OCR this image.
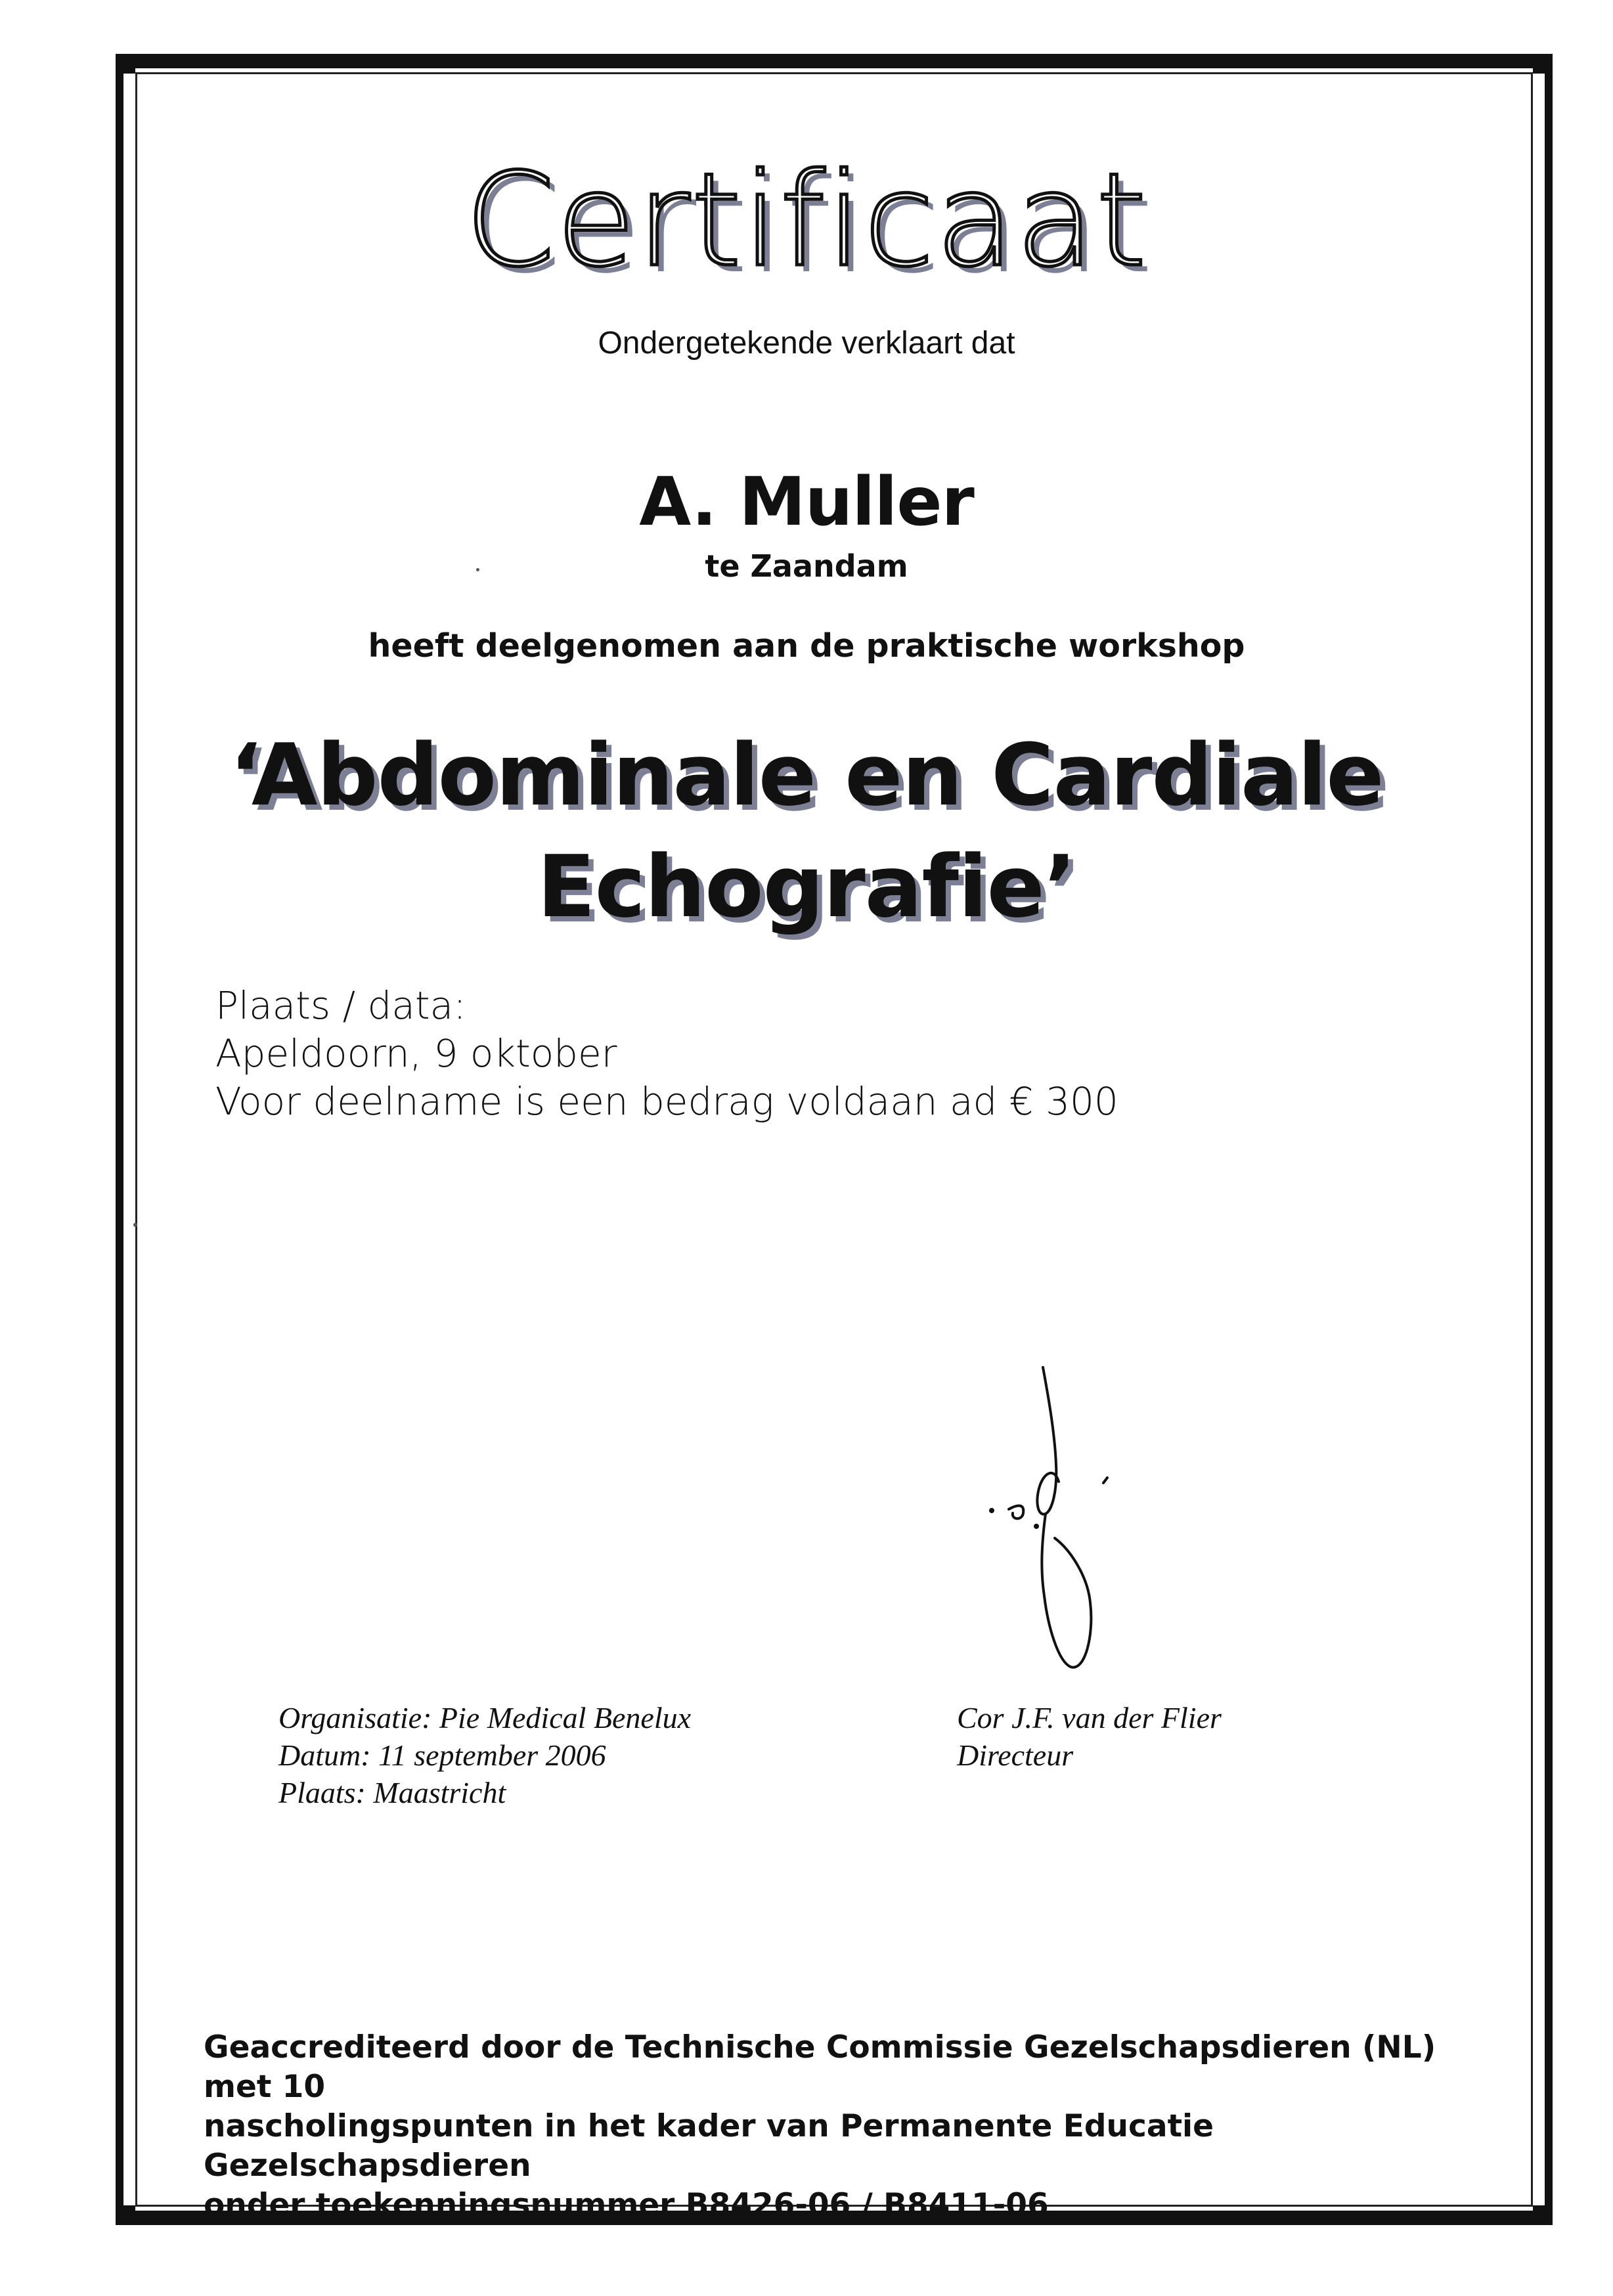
Certificaat
Ondergetekende verklaart dat
A. Muller
te Zaandam
heeft deelgenomen aan de praktische workshop
‘Abdominale en Cardiale
Echografie’
Plaats / data:
Apeldoorn, 9 oktober
Voor deelname is een bedrag voldaan ad € 300
Organisatie: Pie Medical Benelux
Datum: 11 september 2006
Plaats: Maastricht
Cor J.F. van der Flier
Directeur
Geaccrediteerd door de Technische Commissie Gezelschapsdieren (NL) met 10
nascholingspunten in het kader van Permanente Educatie Gezelschapsdieren
onder toekenningsnummer B8426-06 / B8411-06
